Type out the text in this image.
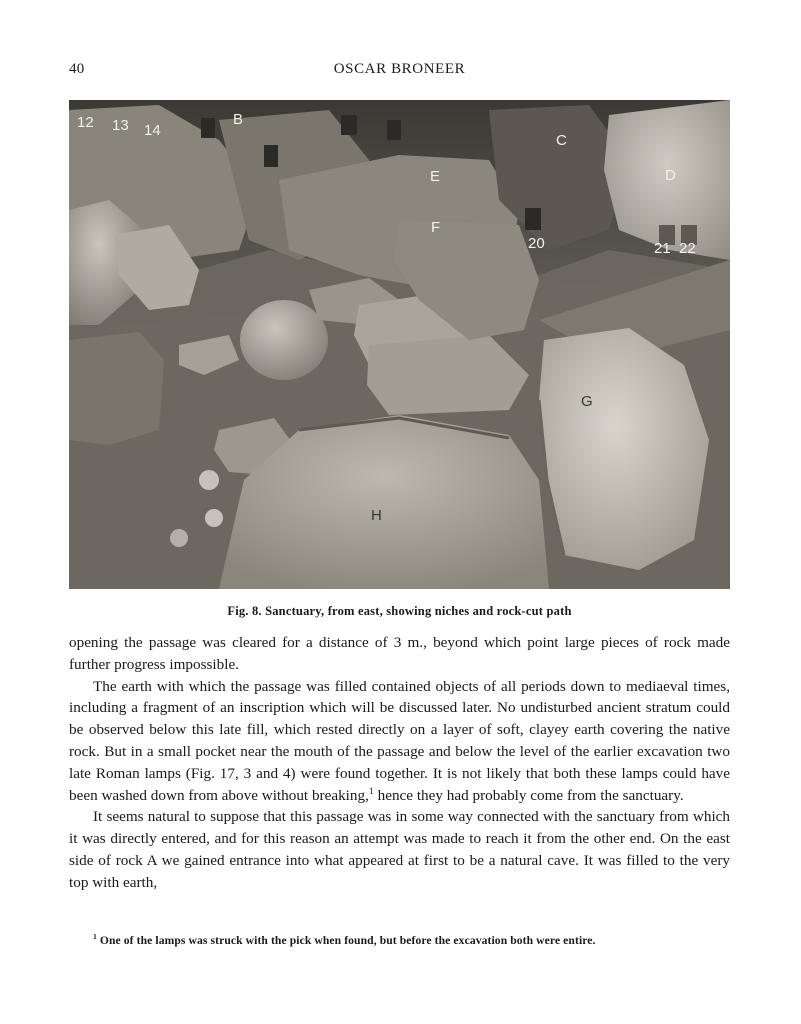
40	OSCAR BRONEER
12 13 14
B
C
D
E
F
20	21 22
G
H
Fig. 8. Sanctuary, from east, showing niches and rock-cut path

opening the passage was cleared for a distance of 3 m., beyond which point large pieces of rock made further progress impossible.

The earth with which the passage was filled contained objects of all periods down to mediaeval times, including a fragment of an inscription which will be discussed later. No undisturbed ancient stratum could be observed below this late fill, which rested directly on a layer of soft, clayey earth covering the native rock. But in a small pocket near the mouth of the passage and below the level of the earlier excavation two late Roman lamps (Fig. 17, 3 and 4) were found together. It is not likely that both these lamps could have been washed down from above without breaking,$^1$ hence they had probably come from the sanctuary.

It seems natural to suppose that this passage was in some way connected with the sanctuary from which it was directly entered, and for this reason an attempt was made to reach it from the other end. On the east side of rock A we gained entrance into what appeared at first to be a natural cave. It was filled to the very top with earth,

$^1$ One of the lamps was struck with the pick when found, but before the excavation both were entire.
